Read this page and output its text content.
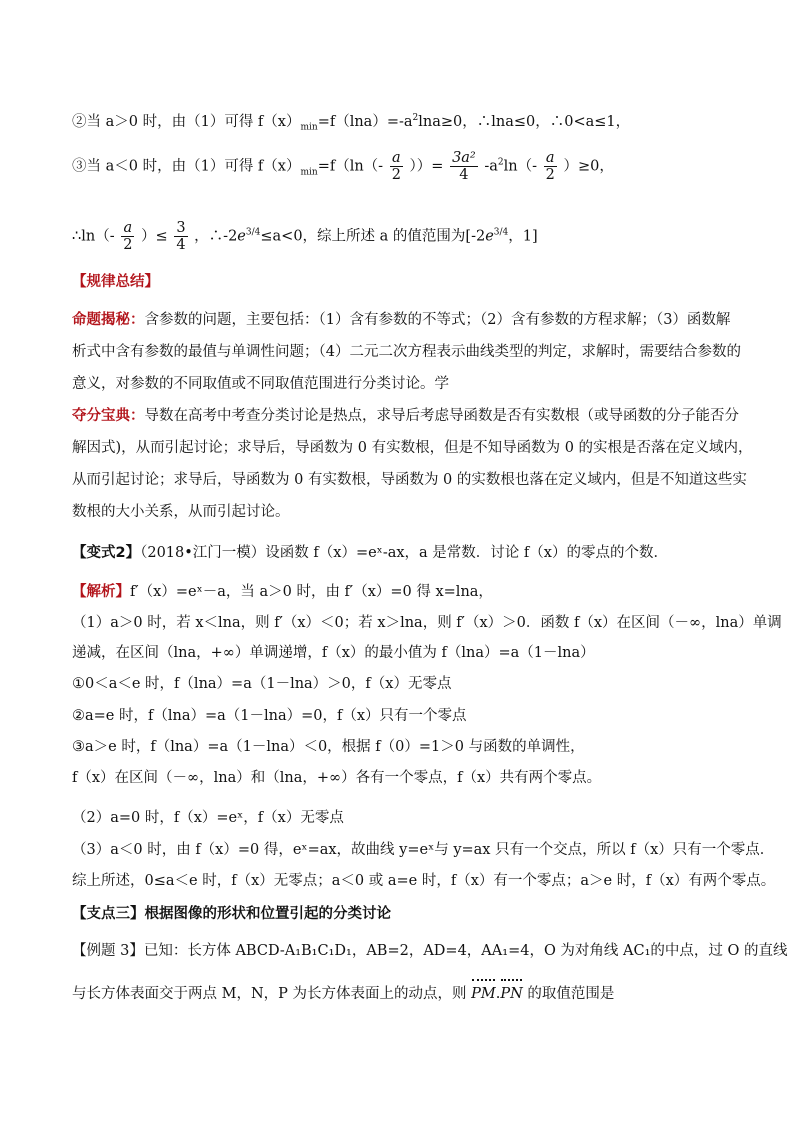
②当 a＞0 时，由（1）可得 $f(x)_{min}=f(\ln a)=-a^2\ln a\ge 0$，∴lna≤0，∴0<a≤1，
③当 a＜0 时，由（1）可得 $f(x)_{min}=f(\ln(- \frac{a}{2}$ ））= $\frac{\text{3a²}}{4} -a^2\ln(- \frac{a}{2} )\ge 0$，
∴ln（- $\frac{a}{2}$ ）≤ $\frac{3}{4}$ ，$\therefore-2e^{3/4}\le a<0$，综上所述 a 的值范围为[$-2e^{3/4}$，1]
【规律总结】
命题揭秘：含参数的问题，主要包括：（1）含有参数的不等式；（2）含有参数的方程求解；（3）函数解
析式中含有参数的最值与单调性问题；（4）二元二次方程表示曲线类型的判定，求解时，需要结合参数的
意义，对参数的不同取值或不同取值范围进行分类讨论。学
夺分宝典：导数在高考中考查分类讨论是热点，求导后考虑导函数是否有实数根（或导函数的分子能否分
解因式)，从而引起讨论；求导后，导函数为 0 有实数根，但是不知导函数为 0 的实根是否落在定义域内，
从而引起讨论；求导后，导函数为 0 有实数根，导函数为 0 的实数根也落在定义域内，但是不知道这些实
数根的大小关系，从而引起讨论。
【变式2】（2018•江门一模）设函数 f（x）=eˣ-ax，a 是常数．讨论 f（x）的零点的个数．
【解析】f′（x）=eˣ－a，当 a＞0 时，由 f′（x）=0 得 x=lna，
（1）a＞0 时，若 x＜lna，则 f′（x）＜0；若 x＞lna，则 f′（x）＞0．函数 f（x）在区间（－∞，lna）单调
递减，在区间（lna，+∞）单调递增，f（x）的最小值为 f（lna）=a（1－lna）
①0＜a＜e 时，f（lna）=a（1－lna）＞0，f（x）无零点
②a=e 时，f（lna）=a（1－lna）=0，f（x）只有一个零点
③a＞e 时，f（lna）=a（1－lna）＜0，根据 f（0）=1＞0 与函数的单调性，
f（x）在区间（－∞，lna）和（lna，+∞）各有一个零点，f（x）共有两个零点。
（2）a=0 时，f（x）=eˣ，f（x）无零点
（3）a＜0 时，由 f（x）=0 得，eˣ=ax，故曲线 y=eˣ与 y=ax 只有一个交点，所以 f（x）只有一个零点．
综上所述，0≤a＜e 时，f（x）无零点；a＜0 或 a=e 时，f（x）有一个零点；a＞e 时，f（x）有两个零点。
【支点三】根据图像的形状和位置引起的分类讨论
【例题 3】已知：长方体 ABCD-A₁B₁C₁D₁，AB=2，AD=4，AA₁=4，O 为对角线 AC₁的中点，过 O 的直线
与长方体表面交于两点 M，N，P 为长方体表面上的动点，则 PM.PN 的取值范围是
